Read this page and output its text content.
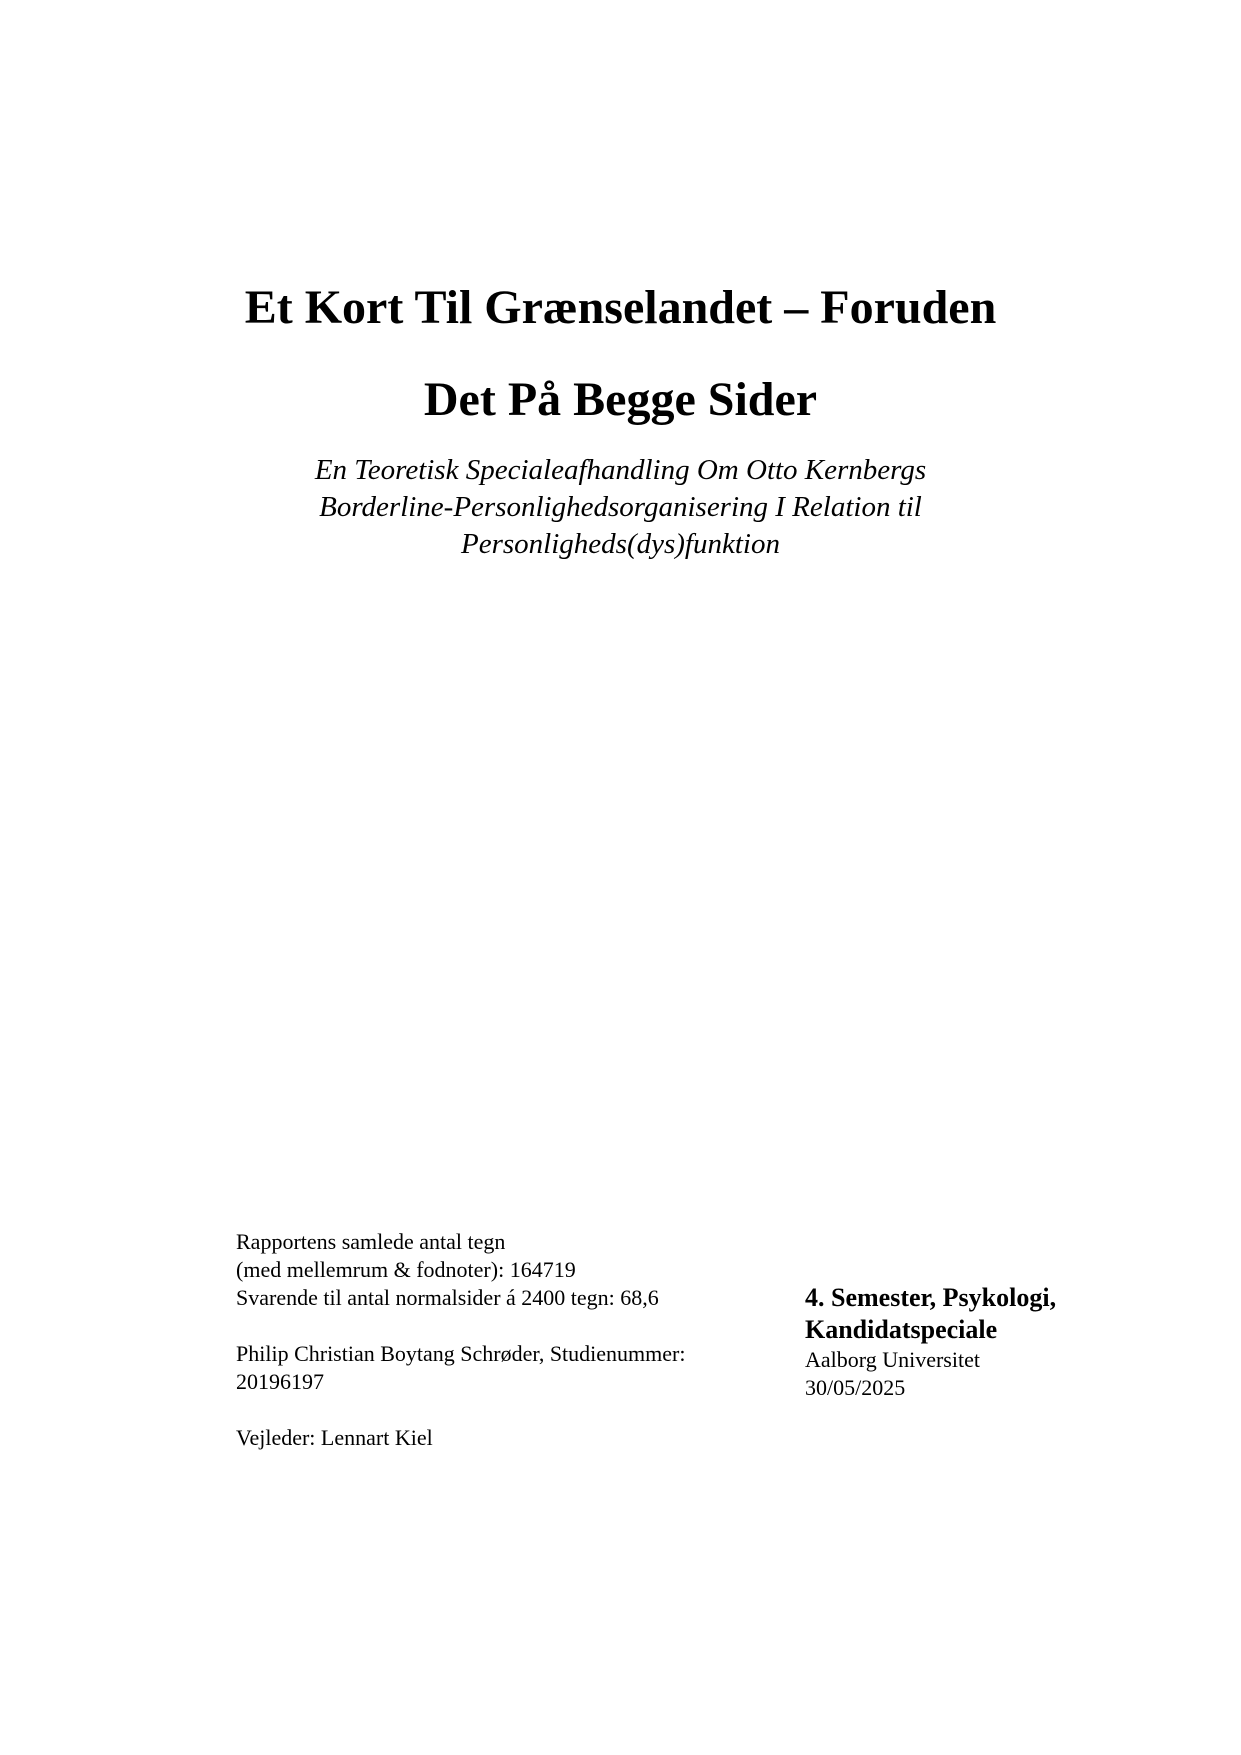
Et Kort Til Grænselandet – Foruden

Det På Begge Sider

En Teoretisk Specialeafhandling Om Otto Kernbergs

Borderline-Personlighedsorganisering I Relation til

Personligheds(dys)funktion

Rapportens samlede antal tegn

(med mellemrum & fodnoter): 164719

Svarende til antal normalsider á 2400 tegn: 68,6

Philip Christian Boytang Schrøder, Studienummer:

20196197

Vejleder: Lennart Kiel

4. Semester, Psykologi,

Kandidatspeciale

Aalborg Universitet

30/05/2025
